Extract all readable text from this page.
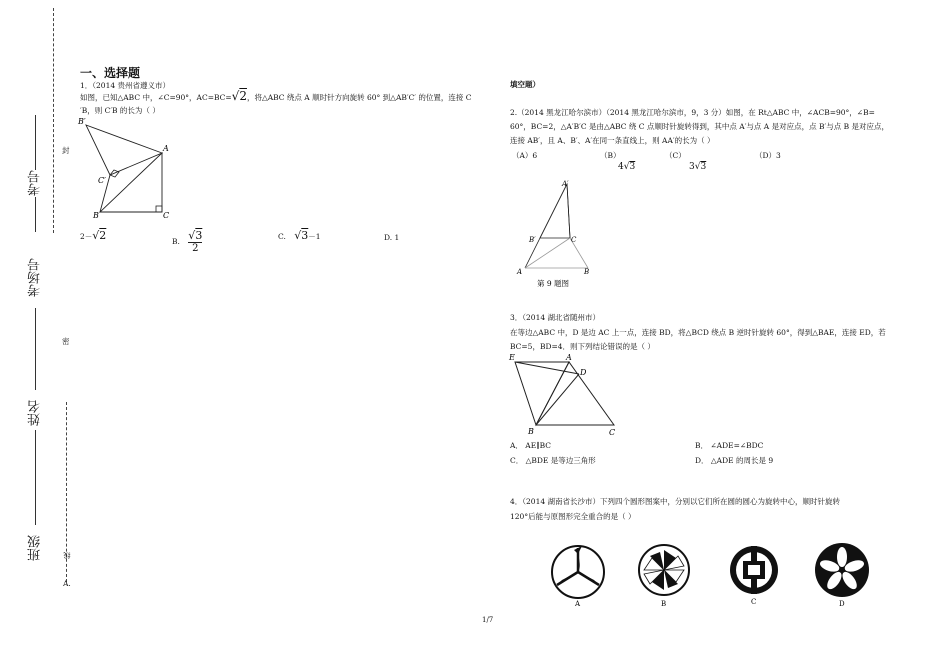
封
密
线
考号
考场号
姓名
班级
A.
一、选择题
1．（2014 贵州省遵义市）
如图，已知△ABC 中，∠C=90°，AC=BC=√2，将△ABC 绕点 A 顺时针方向旋转 60° 到△AB′C′ 的位置，连接 C
′B，则 C′B 的长为（ ）
B′
A
C′
B	C
2－√2	B. $\frac{√3}{2}$	C. √3－1	D. 1
填空题）
2.（2014 黑龙江哈尔滨市）（2014 黑龙江哈尔滨市，9，3 分）如图，在 Rt△ABC 中，∠ACB=90°，∠B=
60°，BC=2，△A′B′C 是由△ABC 绕 C 点顺时针旋转得到，其中点 A′与点 A 是对应点，点 B′与点 B 是对应点，
连接 AB′，且 A、B′、A′在同一条直线上，则 AA′的长为（ ）
（A）6	（B）
4√3
（C）
3√3
（D）3
A′
B′	C
A	B
第 9 题图
3．（2014 湖北省随州市）
在等边△ABC 中，D 是边 AC 上一点，连接 BD，将△BCD 绕点 B 逆时针旋转 60°，得到△BAE，连接 ED，若
BC=5，BD=4．则下列结论错误的是（ ）
E	A
D
B	C
A． AE∥BC	B． ∠ADE=∠BDC
C． △BDE 是等边三角形	D． △ADE 的周长是 9
4．（2014 湖南省长沙市）下列四个圆形图案中，分别以它们所在圆的圆心为旋转中心，顺时针旋转
120°后能与原图形完全重合的是（ ）
A	B	C	D
1/7
